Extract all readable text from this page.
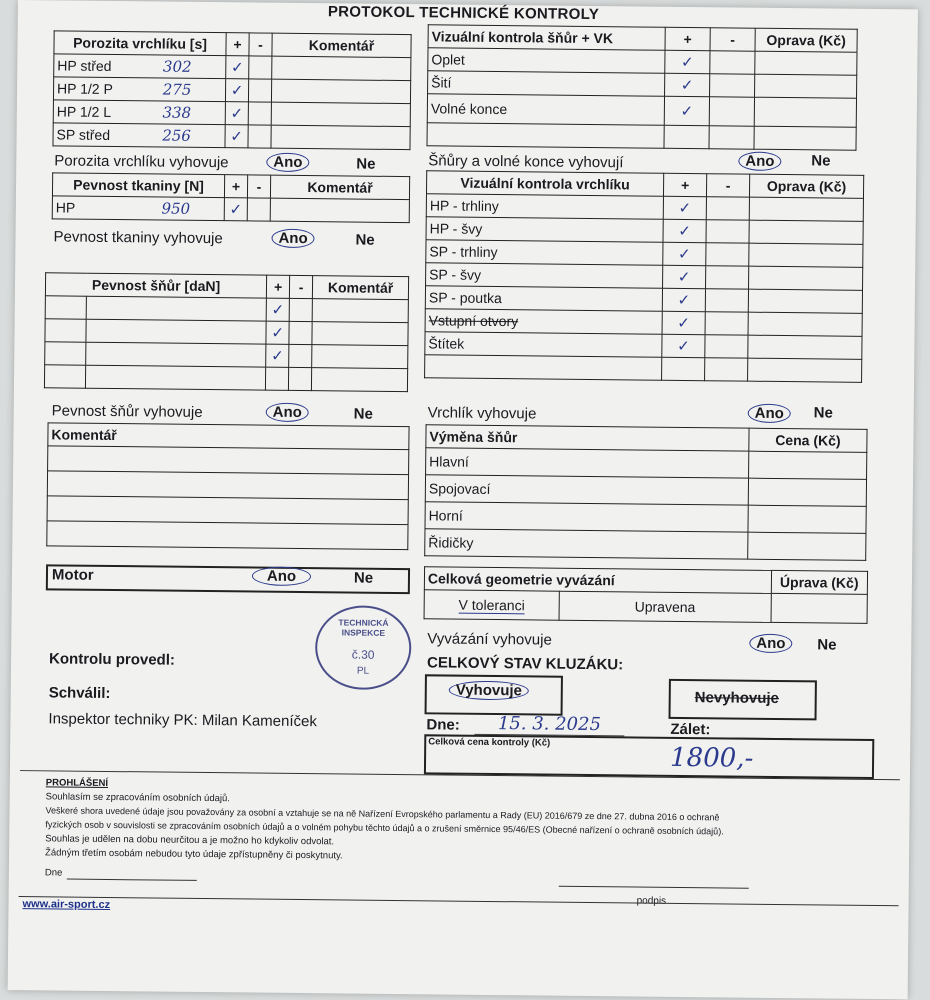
PROTOKOL TECHNICKÉ KONTROLY
Porozita vrchlíku [s]	+	-	Komentář
HP střed 302	✓		
HP 1/2 P 275	✓		
HP 1/2 L 338	✓		
SP střed 256	✓		
Porozita vrchlíku vyhovuje	Ano	Ne
Pevnost tkaniny [N]	+	-	Komentář
HP 950	✓		
Pevnost tkaniny vyhovuje	Ano	Ne
Pevnost šňůr [daN]		+	-	Komentář
		✓		
		✓		
		✓		

Pevnost šňůr vyhovuje	Ano	Ne
Komentář

Motor	Ano	Ne
Vizuální kontrola šňůr + VK	+	-	Oprava (Kč)
Oplet	✓		
Šití	✓		
Volné konce	✓		

Šňůry a volné konce vyhovují	Ano	Ne
Vizuální kontrola vrchlíku	+	-	Oprava (Kč)
HP - trhliny	✓		
HP - švy	✓		
SP - trhliny	✓		
SP - švy	✓		
SP - poutka	✓		
Vstupní otvory	✓		
Štítek	✓		

Vrchlík vyhovuje	Ano	Ne
Výměna šňůr	Cena (Kč)
Hlavní	
Spojovací	
Horní	
Řidičky	
Celková geometrie vyvázání		Úprava (Kč)
V toleranci	Upravena	
Vyvázání vyhovuje	Ano	Ne
CELKOVÝ STAV KLUZÁKU:
Vyhovuje	Nevyhovuje
Kontrolu provedl:
Schválil:
Inspektor techniky PK: Milan Kameníček
TECHNICKÁ INSPEKCE
č.30
PL
Dne:	15. 3. 2025	Zálet:
Celková cena kontroly (Kč)
1800,-
PROHLÁŠENÍ
Souhlasím se zpracováním osobních údajů.
Veškeré shora uvedené údaje jsou považovány za osobní a vztahuje se na ně Nařízení Evropského parlamentu a Rady (EU) 2016/679 ze dne 27. dubna 2016 o ochraně
fyzických osob v souvislosti se zpracováním osobních údajů a o volném pohybu těchto údajů a o zrušení směrnice 95/46/ES (Obecné nařízení o ochraně osobních údajů).
Souhlas je udělen na dobu neurčitou a je možno ho kdykoliv odvolat.
Žádným třetím osobám nebudou tyto údaje zpřístupněny či poskytnuty.
Dne
podpis
www.air-sport.cz
